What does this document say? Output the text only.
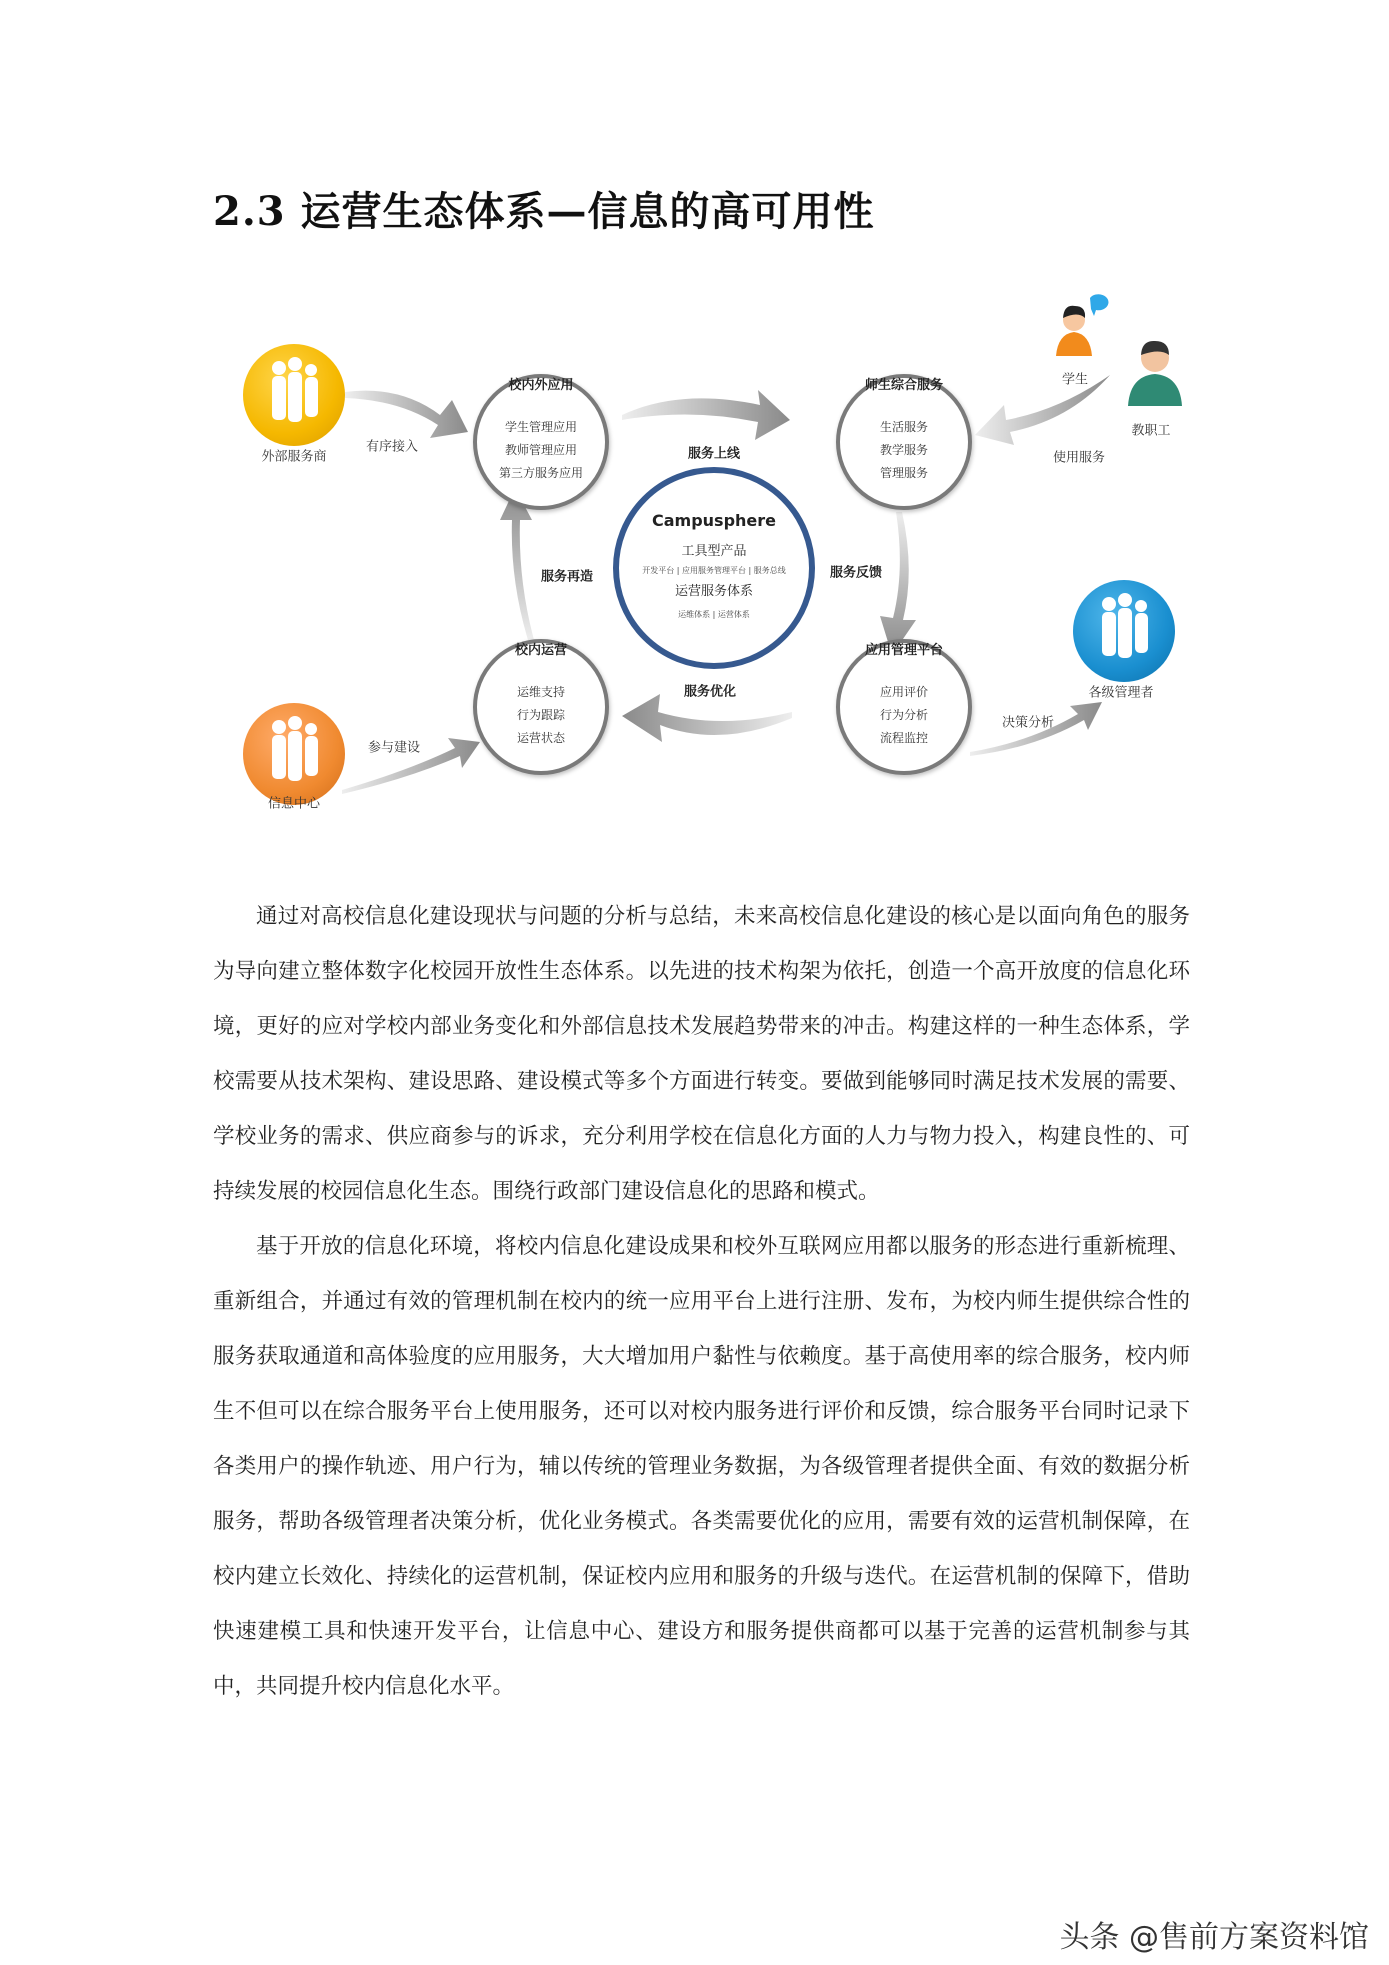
2.3 运营生态体系—信息的高可用性
Campusphere
工具型产品
开发平台 | 应用服务管理平台 | 服务总线
运营服务体系
运维体系 | 运营体系
校内外应用
学生管理应用
教师管理应用
第三方服务应用
师生综合服务
生活服务
教学服务
管理服务
校内运营
运维支持
行为跟踪
运营状态
应用管理平台
应用评价
行为分析
流程监控
外部服务商
有序接入	服务上线
服务反馈
服务再造
服务优化
参与建设
信息中心
决策分析
各级管理者
学生
教职工
使用服务

通过对高校信息化建设现状与问题的分析与总结，未来高校信息化建设的核心是以面向角色的服务为导向建立整体数字化校园开放性生态体系。以先进的技术构架为依托，创造一个高开放度的信息化环境，更好的应对学校内部业务变化和外部信息技术发展趋势带来的冲击。构建这样的一种生态体系，学校需要从技术架构、建设思路、建设模式等多个方面进行转变。要做到能够同时满足技术发展的需要、学校业务的需求、供应商参与的诉求，充分利用学校在信息化方面的人力与物力投入，构建良性的、可持续发展的校园信息化生态。围绕行政部门建设信息化的思路和模式。

基于开放的信息化环境，将校内信息化建设成果和校外互联网应用都以服务的形态进行重新梳理、重新组合，并通过有效的管理机制在校内的统一应用平台上进行注册、发布，为校内师生提供综合性的服务获取通道和高体验度的应用服务，大大增加用户黏性与依赖度。基于高使用率的综合服务，校内师生不但可以在综合服务平台上使用服务，还可以对校内服务进行评价和反馈，综合服务平台同时记录下各类用户的操作轨迹、用户行为，辅以传统的管理业务数据，为各级管理者提供全面、有效的数据分析服务，帮助各级管理者决策分析，优化业务模式。各类需要优化的应用，需要有效的运营机制保障，在校内建立长效化、持续化的运营机制，保证校内应用和服务的升级与迭代。在运营机制的保障下，借助快速建模工具和快速开发平台，让信息中心、建设方和服务提供商都可以基于完善的运营机制参与其中，共同提升校内信息化水平。

头条 @售前方案资料馆
